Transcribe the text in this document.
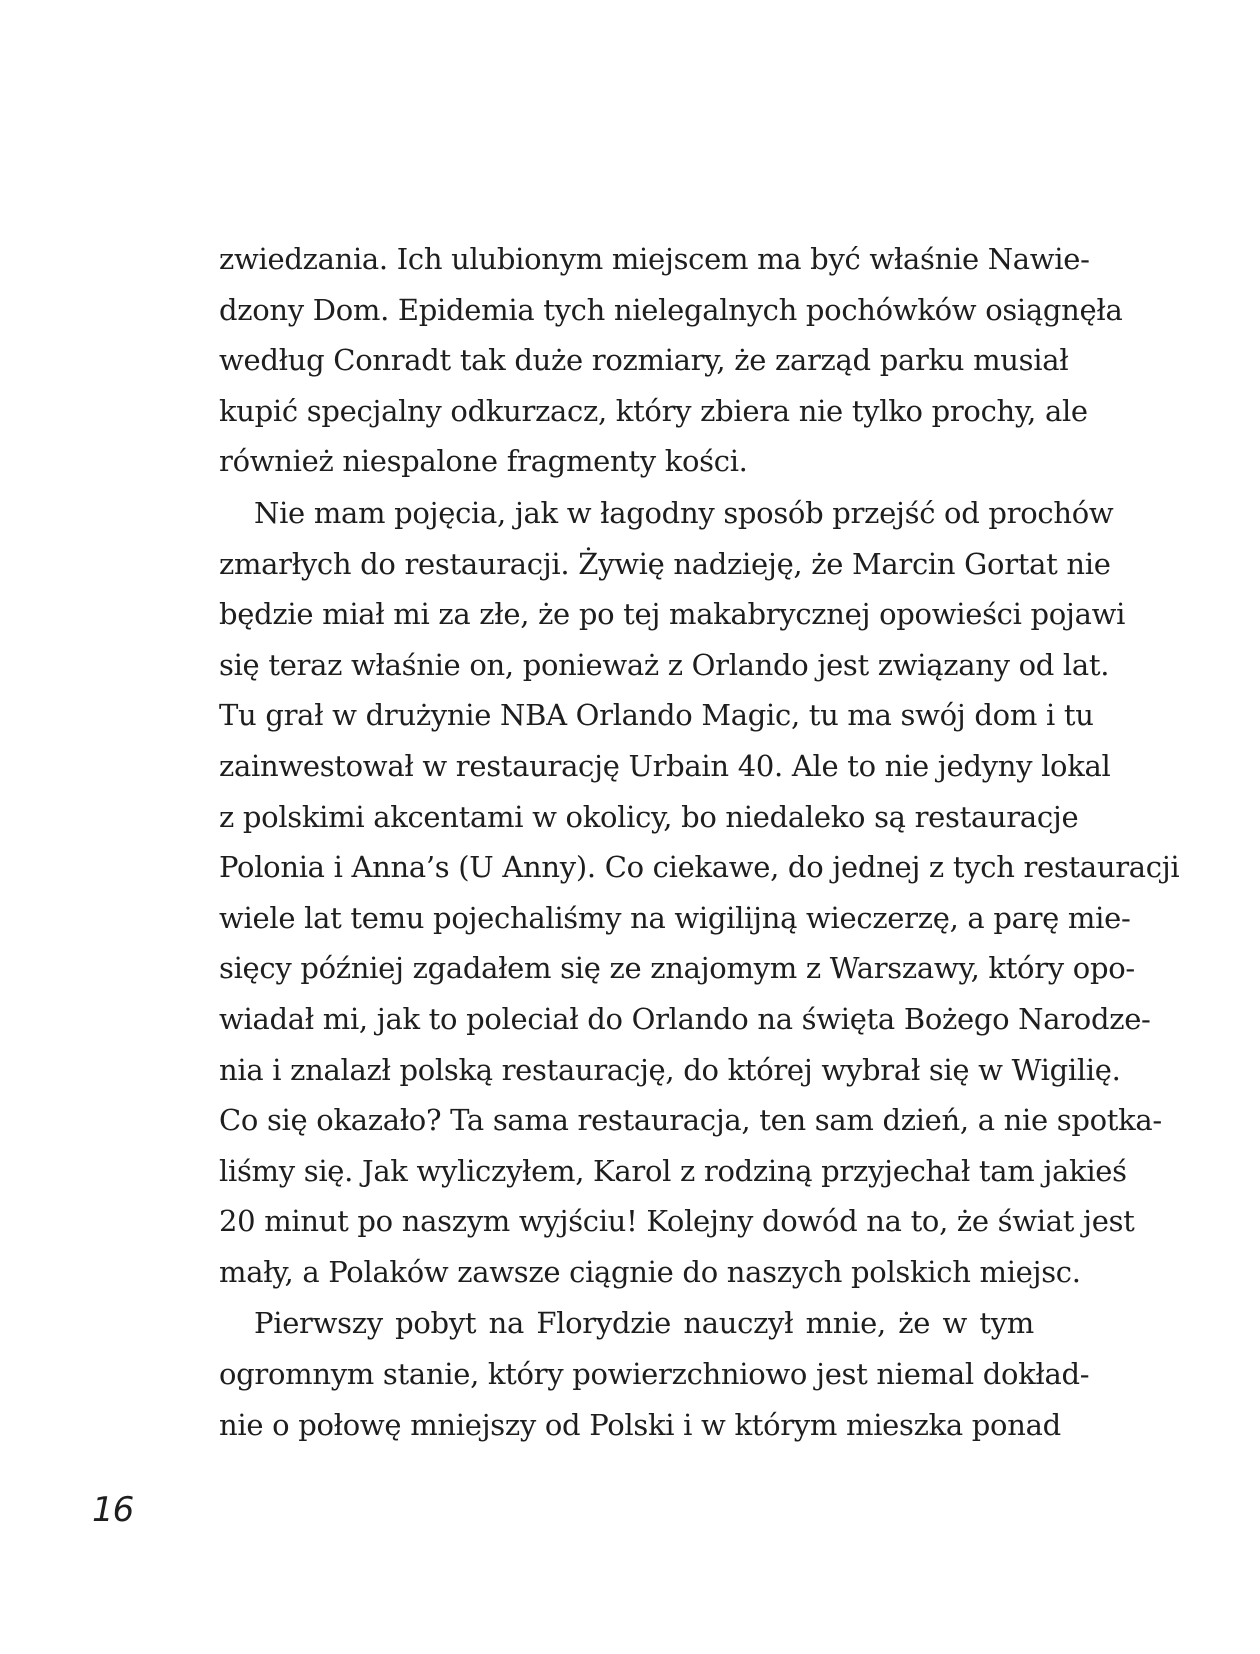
zwiedzania. Ich ulubionym miejscem ma być właśnie Nawie-
dzony Dom. Epidemia tych nielegalnych pochówków osiągnęła
według Conradt tak duże rozmiary, że zarząd parku musiał
kupić specjalny odkurzacz, który zbiera nie tylko prochy, ale
również niespalone fragmenty kości.
Nie mam pojęcia, jak w łagodny sposób przejść od prochów
zmarłych do restauracji. Żywię nadzieję, że Marcin Gortat nie
będzie miał mi za złe, że po tej makabrycznej opowieści pojawi
się teraz właśnie on, ponieważ z Orlando jest związany od lat.
Tu grał w drużynie NBA Orlando Magic, tu ma swój dom i tu
zainwestował w restaurację Urbain 40. Ale to nie jedyny lokal
z polskimi akcentami w okolicy, bo niedaleko są restauracje
Polonia i Anna’s (U Anny). Co ciekawe, do jednej z tych restauracji
wiele lat temu pojechaliśmy na wigilijną wieczerzę, a parę mie-
sięcy później zgadałem się ze znajomym z Warszawy, który opo-
wiadał mi, jak to poleciał do Orlando na święta Bożego Narodze-
nia i znalazł polską restaurację, do której wybrał się w Wigilię.
Co się okazało? Ta sama restauracja, ten sam dzień, a nie spotka-
liśmy się. Jak wyliczyłem, Karol z rodziną przyjechał tam jakieś
20 minut po naszym wyjściu! Kolejny dowód na to, że świat jest
mały, a Polaków zawsze ciągnie do naszych polskich miejsc.
Pierwszy pobyt na Florydzie nauczył mnie, że w tym
ogromnym stanie, który powierzchniowo jest niemal dokład-
nie o połowę mniejszy od Polski i w którym mieszka ponad
16
